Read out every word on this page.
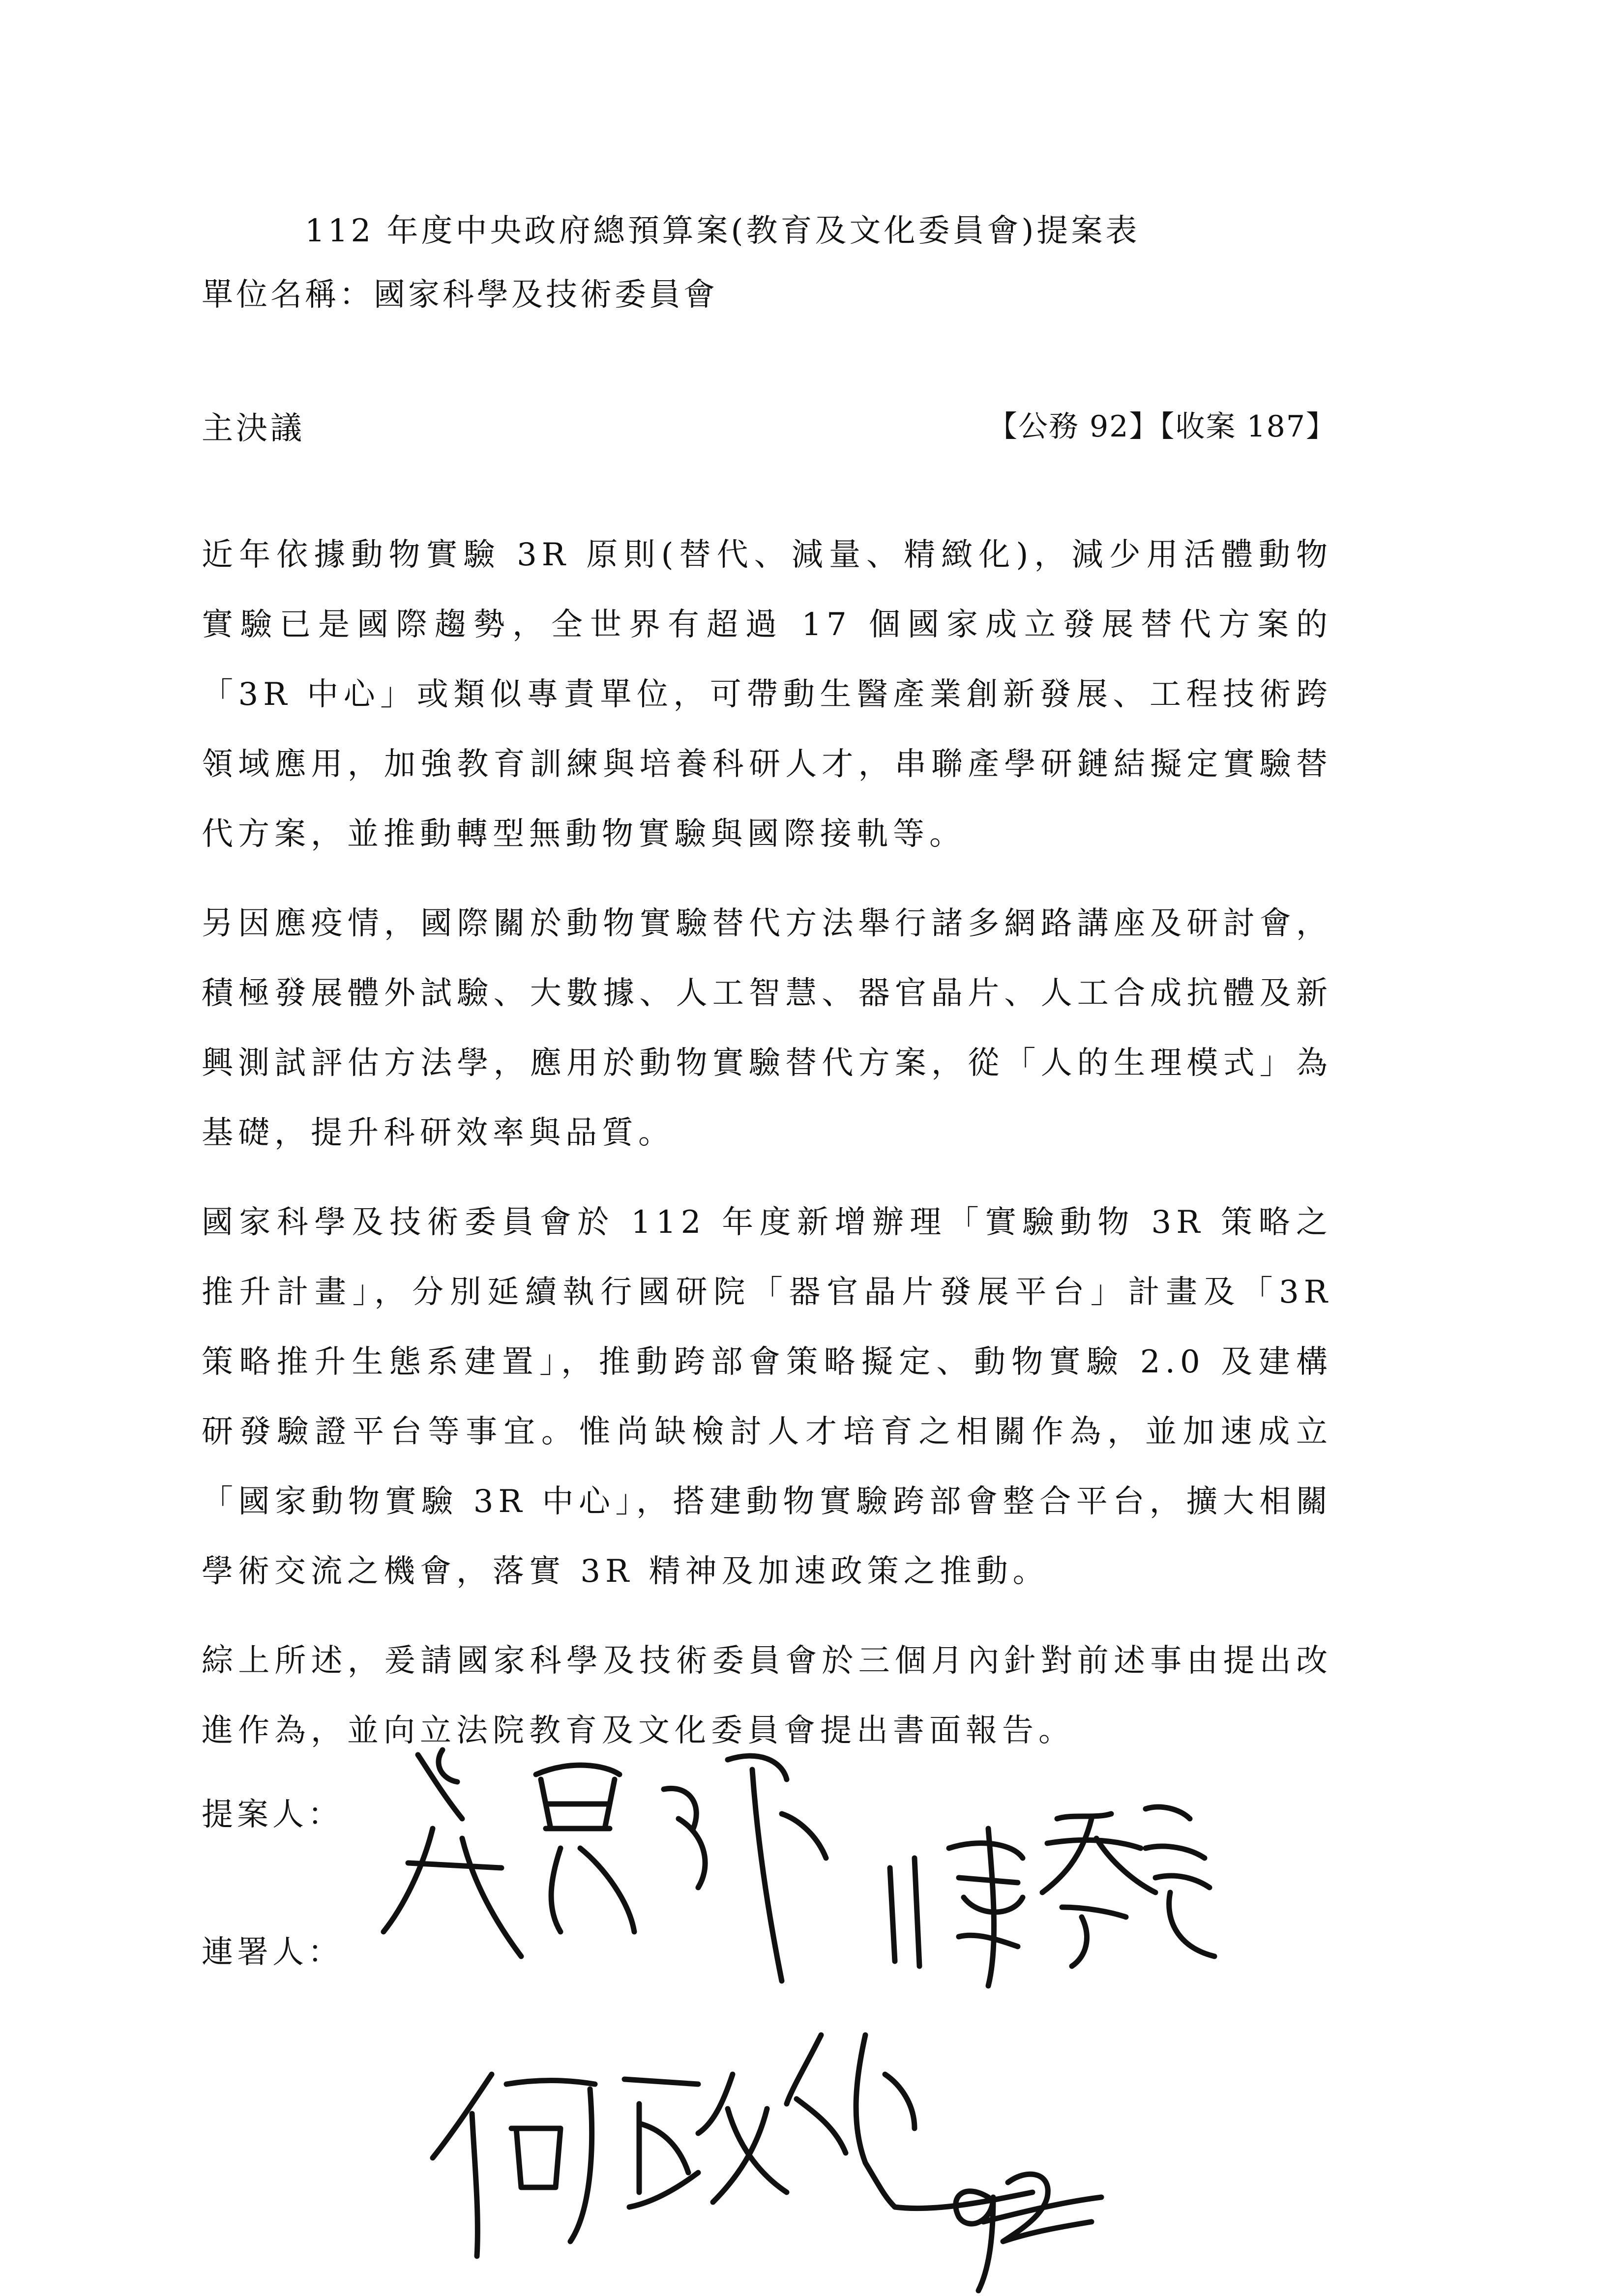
112 年度中央政府總預算案(教育及文化委員會)提案表
單位名稱：國家科學及技術委員會
主決議	【公務 92】【收案 187】

近年依據動物實驗 3R 原則(替代、減量、精緻化)，減少用活體動物實驗已是國際趨勢，全世界有超過 17 個國家成立發展替代方案的「3R 中心」或類似專責單位，可帶動生醫產業創新發展、工程技術跨領域應用，加強教育訓練與培養科研人才，串聯產學研鏈結擬定實驗替代方案，並推動轉型無動物實驗與國際接軌等。

另因應疫情，國際關於動物實驗替代方法舉行諸多網路講座及研討會，積極發展體外試驗、大數據、人工智慧、器官晶片、人工合成抗體及新興測試評估方法學，應用於動物實驗替代方案，從「人的生理模式」為基礎，提升科研效率與品質。

國家科學及技術委員會於 112 年度新增辦理「實驗動物 3R 策略之推升計畫」，分別延續執行國研院「器官晶片發展平台」計畫及「3R 策略推升生態系建置」，推動跨部會策略擬定、動物實驗 2.0 及建構研發驗證平台等事宜。惟尚缺檢討人才培育之相關作為，並加速成立「國家動物實驗 3R 中心」，搭建動物實驗跨部會整合平台，擴大相關學術交流之機會，落實 3R 精神及加速政策之推動。

綜上所述，爰請國家科學及技術委員會於三個月內針對前述事由提出改進作為，並向立法院教育及文化委員會提出書面報告。

提案人：
連署人：
